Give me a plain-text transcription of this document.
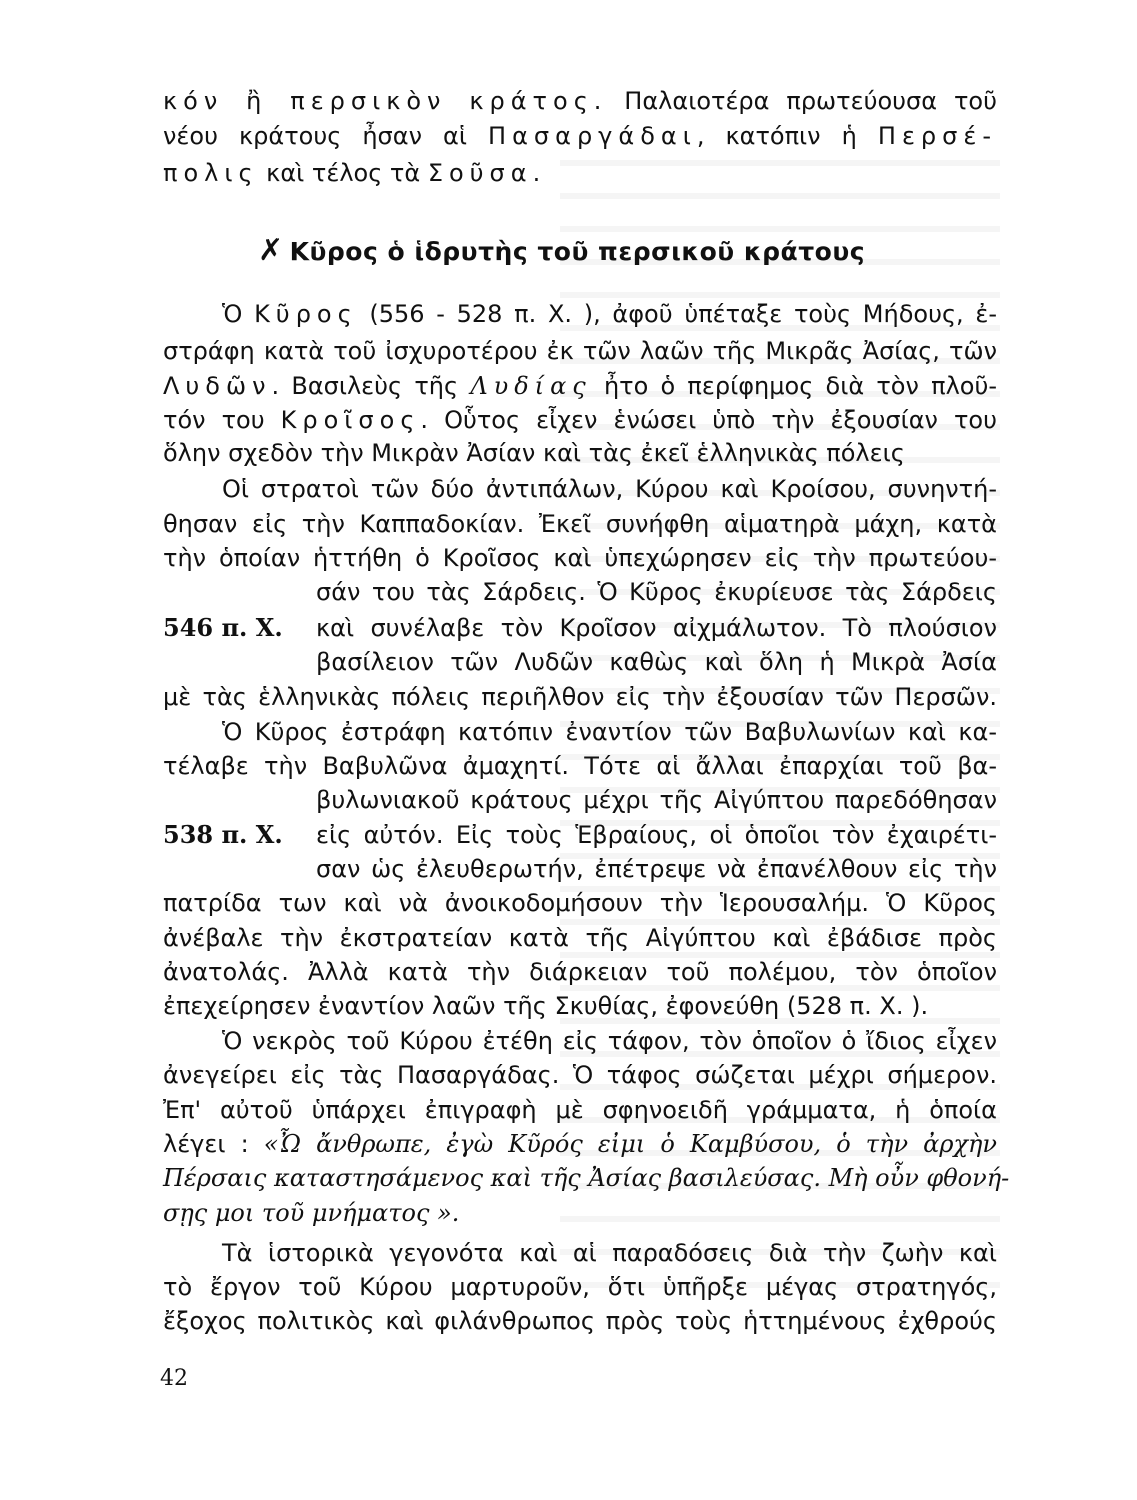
κόν ἢ περσικὸν κράτος. Παλαιοτέρα πρωτεύουσα τοῦ
νέου κράτους ἦσαν αἱ Πασαργάδαι, κατόπιν ἡ Περσέ-
πολις καὶ τέλος τὰ Σοῦσα.
✗ Κῦρος ὁ ἱδρυτὴς τοῦ περσικοῦ κράτους
Ὁ Κῦρος (556 - 528 π. Χ. ), ἀφοῦ ὑπέταξε τοὺς Μήδους, ἐ-
στράφη κατὰ τοῦ ἰσχυροτέρου ἐκ τῶν λαῶν τῆς Μικρᾶς Ἀσίας, τῶν
Λυδῶν. Βασιλεὺς τῆς Λυδίας ἦτο ὁ περίφημος διὰ τὸν πλοῦ-
τόν του Κροῖσος. Οὗτος εἶχεν ἑνώσει ὑπὸ τὴν ἐξουσίαν του
ὅλην σχεδὸν τὴν Μικρὰν Ἀσίαν καὶ τὰς ἐκεῖ ἑλληνικὰς πόλεις
Οἱ στρατοὶ τῶν δύο ἀντιπάλων, Κύρου καὶ Κροίσου, συνηντή-
θησαν εἰς τὴν Καππαδοκίαν. Ἐκεῖ συνήφθη αἱματηρὰ μάχη, κατὰ
τὴν ὁποίαν ἡττήθη ὁ Κροῖσος καὶ ὑπεχώρησεν εἰς τὴν πρωτεύου-
σάν του τὰς Σάρδεις. Ὁ Κῦρος ἐκυρίευσε τὰς Σάρδεις
546 π. Χ. καὶ συνέλαβε τὸν Κροῖσον αἰχμάλωτον. Τὸ πλούσιον
βασίλειον τῶν Λυδῶν καθὼς καὶ ὅλη ἡ Μικρὰ Ἀσία
μὲ τὰς ἑλληνικὰς πόλεις περιῆλθον εἰς τὴν ἐξουσίαν τῶν Περσῶν.
Ὁ Κῦρος ἐστράφη κατόπιν ἐναντίον τῶν Βαβυλωνίων καὶ κα-
τέλαβε τὴν Βαβυλῶνα ἀμαχητί. Τότε αἱ ἄλλαι ἐπαρχίαι τοῦ βα-
βυλωνιακοῦ κράτους μέχρι τῆς Αἰγύπτου παρεδόθησαν
538 π. Χ. εἰς αὐτόν. Εἰς τοὺς Ἑβραίους, οἱ ὁποῖοι τὸν ἐχαιρέτι-
σαν ὡς ἐλευθερωτήν, ἐπέτρεψε νὰ ἐπανέλθουν εἰς τὴν
πατρίδα των καὶ νὰ ἀνοικοδομήσουν τὴν Ἱερουσαλήμ. Ὁ Κῦρος
ἀνέβαλε τὴν ἐκστρατείαν κατὰ τῆς Αἰγύπτου καὶ ἐβάδισε πρὸς
ἀνατολάς. Ἀλλὰ κατὰ τὴν διάρκειαν τοῦ πολέμου, τὸν ὁποῖον
ἐπεχείρησεν ἐναντίον λαῶν τῆς Σκυθίας, ἐφονεύθη (528 π. Χ. ).
Ὁ νεκρὸς τοῦ Κύρου ἐτέθη εἰς τάφον, τὸν ὁποῖον ὁ ἴδιος εἶχεν
ἀνεγείρει εἰς τὰς Πασαργάδας. Ὁ τάφος σώζεται μέχρι σήμερον.
Ἐπ' αὐτοῦ ὑπάρχει ἐπιγραφὴ μὲ σφηνοειδῆ γράμματα, ἡ ὁποία
λέγει : «Ὦ ἄνθρωπε, ἐγὼ Κῦρός εἰμι ὁ Καμβύσου, ὁ τὴν ἀρχὴν
Πέρσαις καταστησάμενος καὶ τῆς Ἀσίας βασιλεύσας. Μὴ οὖν φθονή-
σῃς μοι τοῦ μνήματος ».
Τὰ ἱστορικὰ γεγονότα καὶ αἱ παραδόσεις διὰ τὴν ζωὴν καὶ
τὸ ἔργον τοῦ Κύρου μαρτυροῦν, ὅτι ὑπῆρξε μέγας στρατηγός,
ἔξοχος πολιτικὸς καὶ φιλάνθρωπος πρὸς τοὺς ἡττημένους ἐχθρούς
42
